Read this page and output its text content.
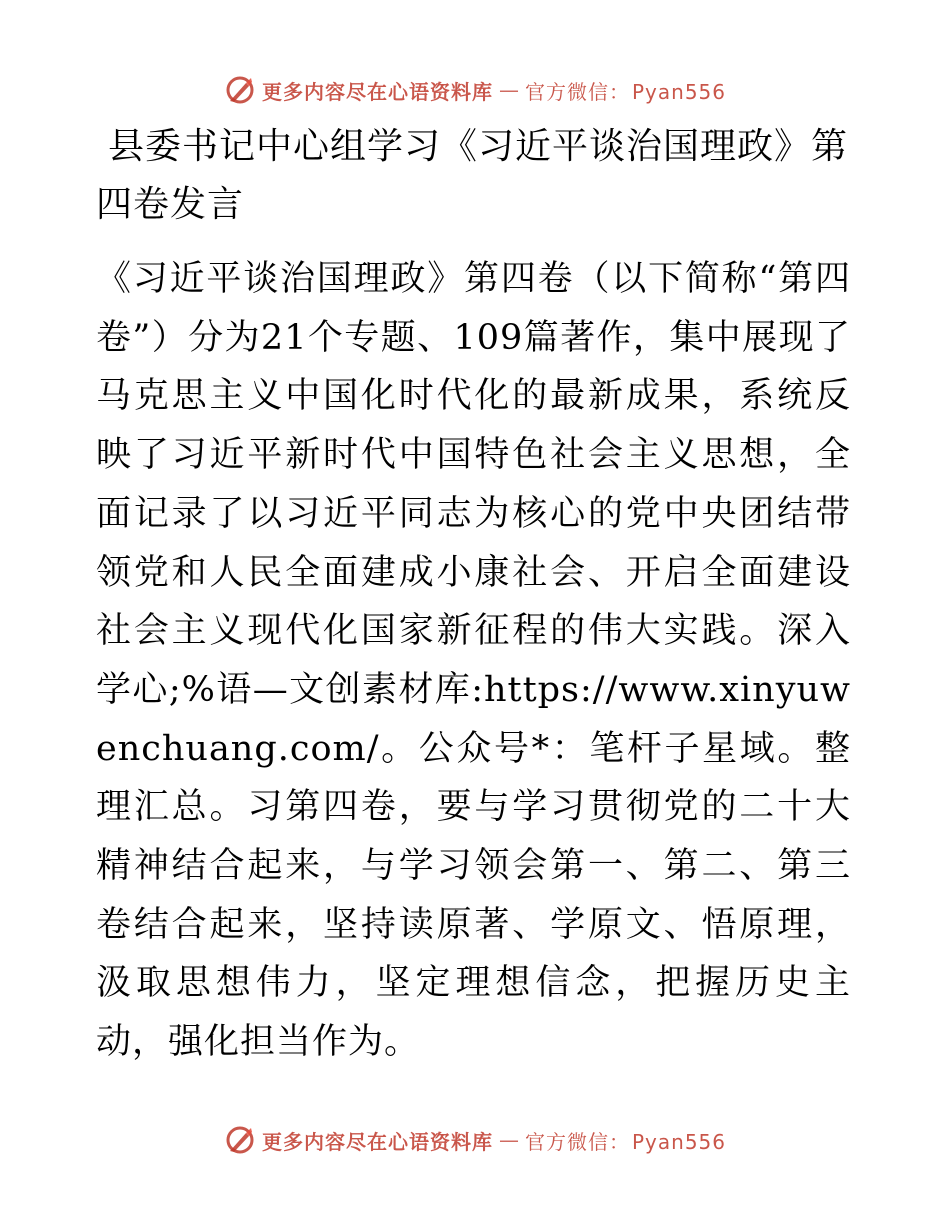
更多内容尽在心语资料库 — 官方微信： Pyan556
县委书记中心组学习《习近平谈治国理政》第四卷发言

《习近平谈治国理政》第四卷（以下简称“第四卷”）分为21个专题、109篇著作，集中展现了马克思主义中国化时代化的最新成果，系统反映了习近平新时代中国特色社会主义思想，全面记录了以习近平同志为核心的党中央团结带领党和人民全面建成小康社会、开启全面建设社会主义现代化国家新征程的伟大实践。深入学心;%语—文创素材库:https://www.xinyuwenchuang.com/。公众号*：笔杆子星域。整理汇总。习第四卷，要与学习贯彻党的二十大精神结合起来，与学习领会第一、第二、第三卷结合起来，坚持读原著、学原文、悟原理，汲取思想伟力，坚定理想信念，把握历史主动，强化担当作为。

更多内容尽在心语资料库 — 官方微信： Pyan556
